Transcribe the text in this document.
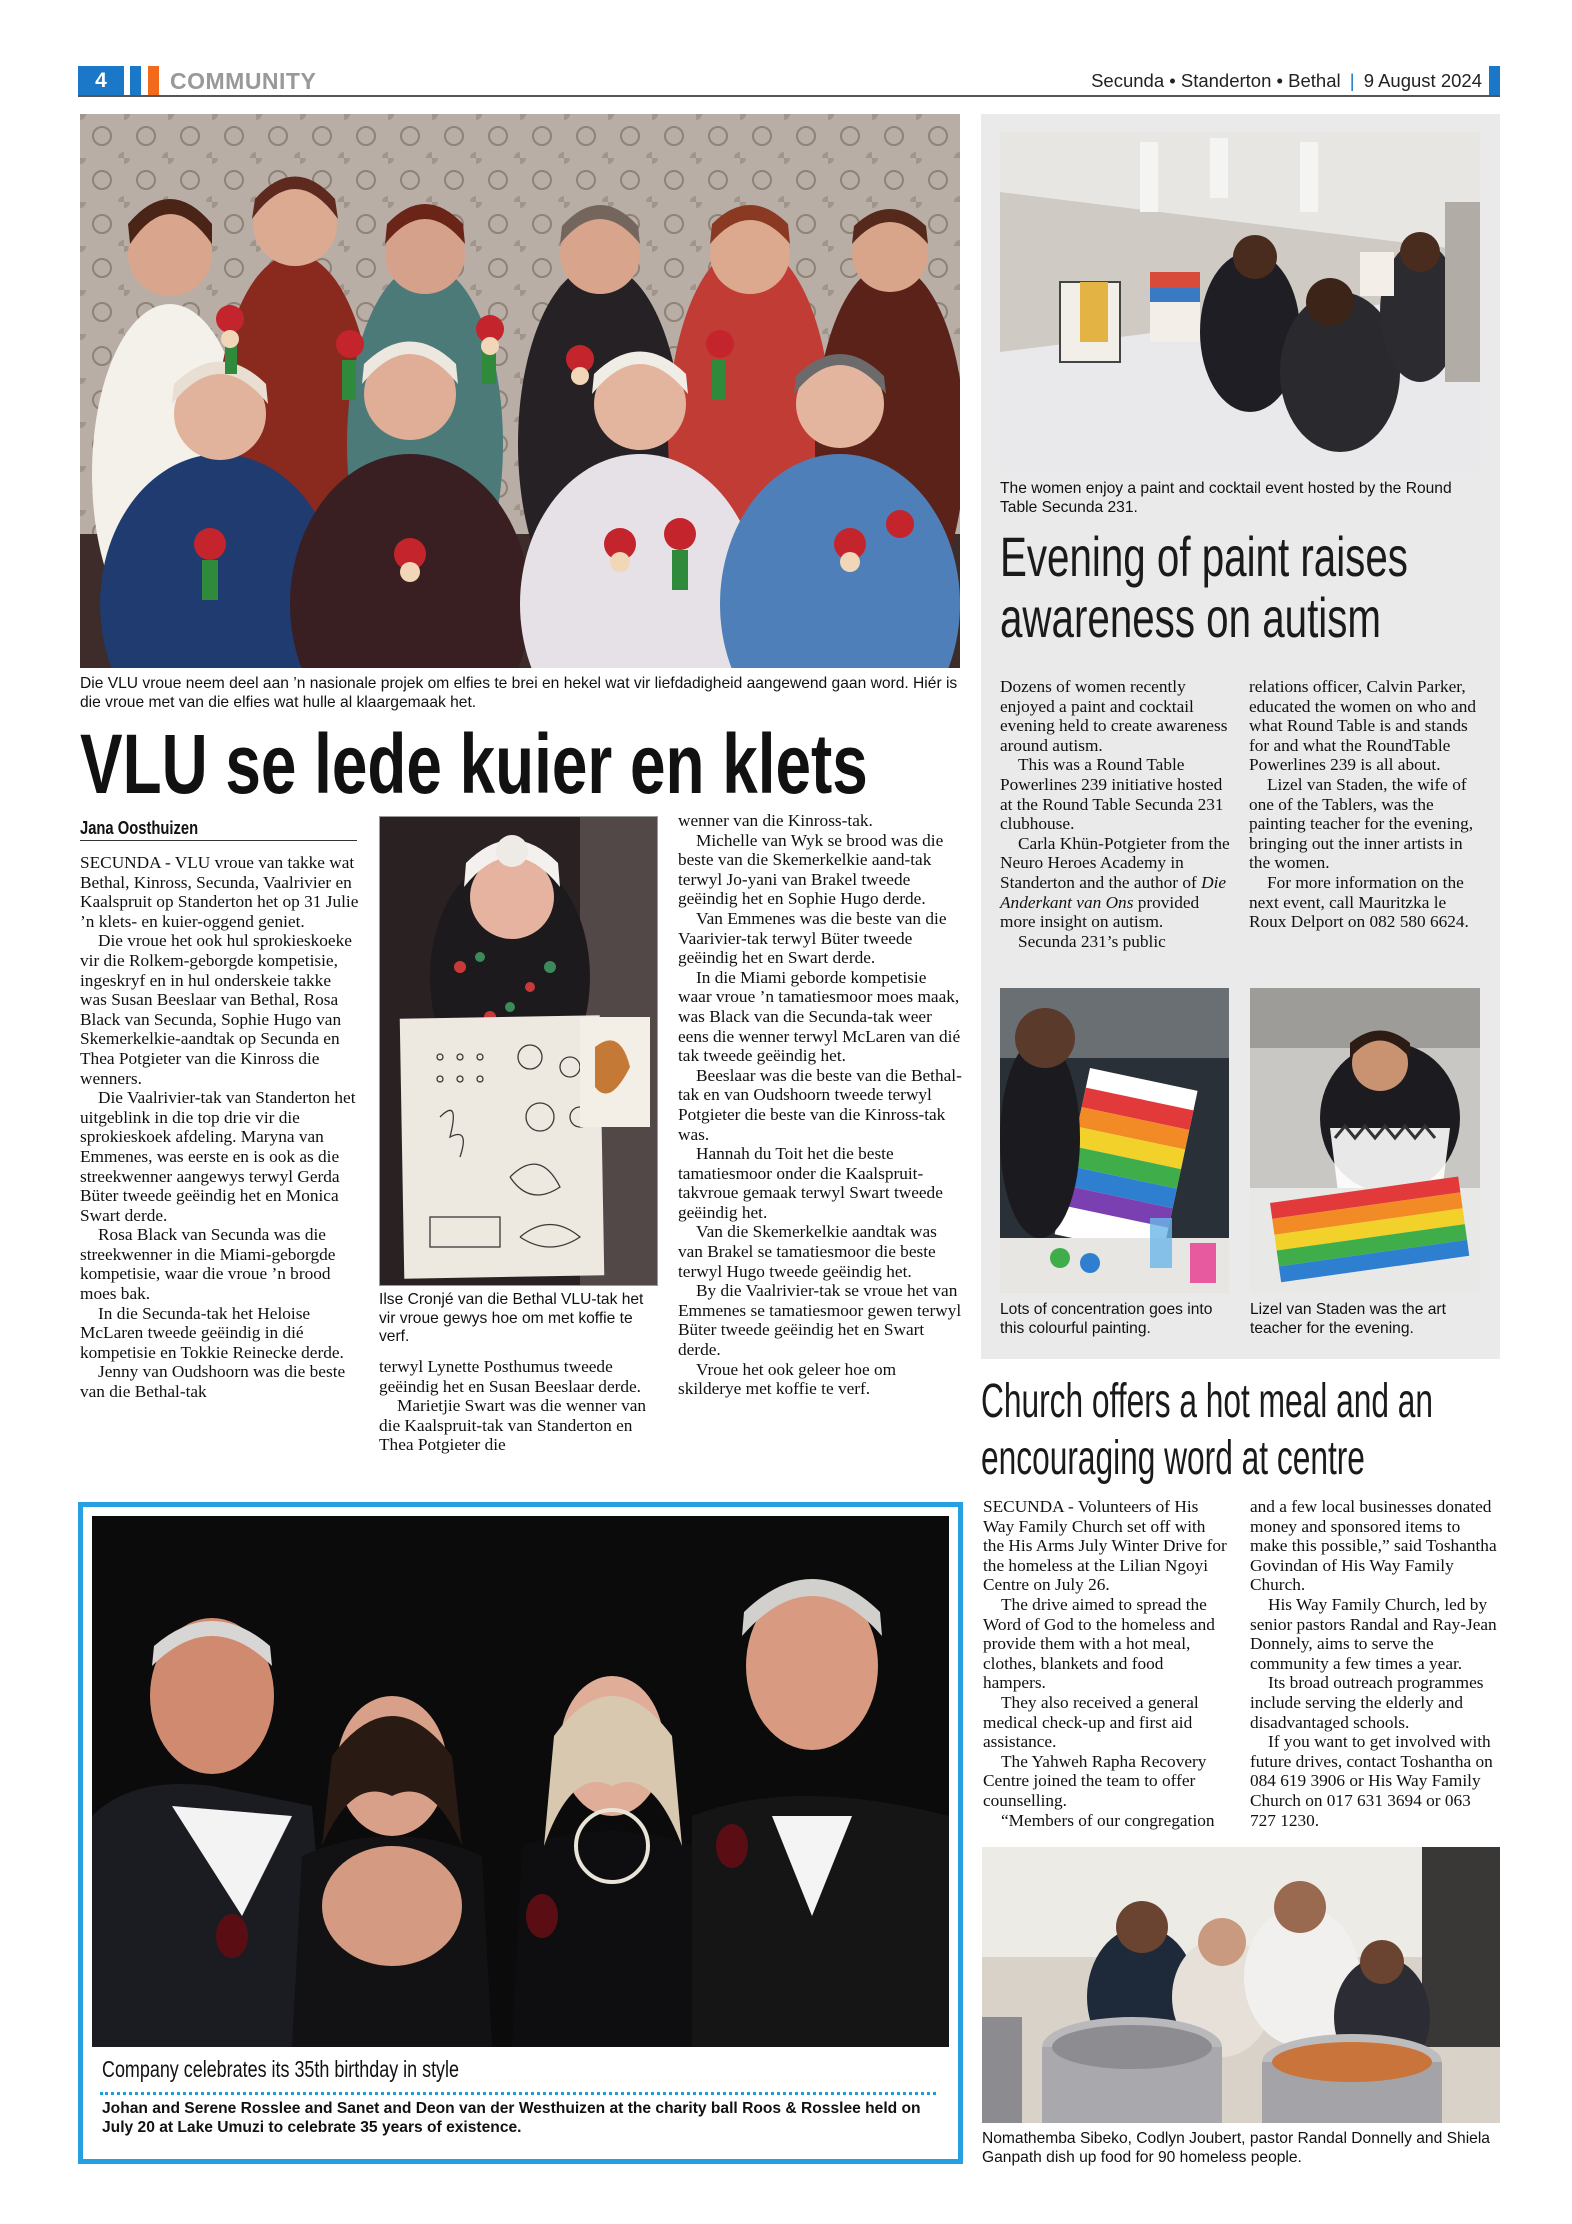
4	COMMUNITY	Secunda • Standerton • Bethal | 9 August 2024
Die VLU vroue neem deel aan ’n nasionale projek om elfies te brei en hekel wat vir liefdadigheid aangewend gaan word. Hiér is die vroue met van die elfies wat hulle al klaargemaak het.
VLU se lede kuier en klets
Jana Oosthuizen

SECUNDA - VLU vroue van takke wat Bethal, Kinross, Secunda, Vaalrivier en Kaalspruit op Standerton het op 31 Julie ’n klets- en kuier-oggend geniet.

Die vroue het ook hul sprokieskoeke vir die Rolkem-geborgde kompetisie, ingeskryf en in hul onderskeie takke was Susan Beeslaar van Bethal, Rosa Black van Secunda, Sophie Hugo van Skemerkelkie-aandtak op Secunda en Thea Potgieter van die Kinross die wenners.

Die Vaalrivier-tak van Standerton het uitgeblink in die top drie vir die sprokieskoek afdeling. Maryna van Emmenes, was eerste en is ook as die streekwenner aangewys terwyl Gerda Büter tweede geëindig het en Monica Swart derde.

Rosa Black van Secunda was die streekwenner in die Miami-geborgde kompetisie, waar die vroue ’n brood moes bak.

In die Secunda-tak het Heloise McLaren tweede geëindig in dié kompetisie en Tokkie Reinecke derde.

Jenny van Oudshoorn was die beste van die Bethal-tak

Ilse Cronjé van die Bethal VLU-tak het vir vroue gewys hoe om met koffie te verf.

terwyl Lynette Posthumus tweede geëindig het en Susan Beeslaar derde.

Marietjie Swart was die wenner van die Kaalspruit-tak van Standerton en Thea Potgieter die

wenner van die Kinross-tak.

Michelle van Wyk se brood was die beste van die Skemerkelkie aand-tak terwyl Jo-yani van Brakel tweede geëindig het en Sophie Hugo derde.

Van Emmenes was die beste van die Vaarivier-tak terwyl Büter tweede geëindig het en Swart derde.

In die Miami geborde kompetisie waar vroue ’n tamatiesmoor moes maak, was Black van die Secunda-tak weer eens die wenner terwyl McLaren van dié tak tweede geëindig het.

Beeslaar was die beste van die Bethal-tak en van Oudshoorn tweede terwyl Potgieter die beste van die Kinross-tak was.

Hannah du Toit het die beste tamatiesmoor onder die Kaalspruit-takvroue gemaak terwyl Swart tweede geëindig het.

Van die Skemerkelkie aandtak was van Brakel se tamatiesmoor die beste terwyl Hugo tweede geëindig het.

By die Vaalrivier-tak se vroue het van Emmenes se tamatiesmoor gewen terwyl Büter tweede geëindig het en Swart derde.

Vroue het ook geleer hoe om skilderye met koffie te verf.

The women enjoy a paint and cocktail event hosted by the Round Table Secunda 231.
Evening of paint raises
awareness on autism

Dozens of women recently enjoyed a paint and cocktail evening held to create awareness around autism.

This was a Round Table Powerlines 239 initiative hosted at the Round Table Secunda 231 clubhouse.

Carla Khün-Potgieter from the Neuro Heroes Academy in Standerton and the author of Die Anderkant van Ons provided more insight on autism.

Secunda 231’s public

relations officer, Calvin Parker, educated the women on who and what Round Table is and stands for and what the RoundTable Powerlines 239 is all about.

Lizel van Staden, the wife of one of the Tablers, was the painting teacher for the evening, bringing out the inner artists in the women.

For more information on the next event, call Mauritzka le Roux Delport on 082 580 6624.

Lots of concentration goes into this colourful painting.
Lizel van Staden was the art teacher for the evening.
Church offers a hot meal and an
encouraging word at centre

SECUNDA - Volunteers of His Way Family Church set off with the His Arms July Winter Drive for the homeless at the Lilian Ngoyi Centre on July 26.

The drive aimed to spread the Word of God to the homeless and provide them with a hot meal, clothes, blankets and food hampers.

They also received a general medical check-up and first aid assistance.

The Yahweh Rapha Recovery Centre joined the team to offer counselling.

“Members of our congregation

and a few local businesses donated money and sponsored items to make this possible,” said Toshantha Govindan of His Way Family Church.

His Way Family Church, led by senior pastors Randal and Ray-Jean Donnely, aims to serve the community a few times a year.

Its broad outreach programmes include serving the elderly and disadvantaged schools.

If you want to get involved with future drives, contact Toshantha on 084 619 3906 or His Way Family Church on 017 631 3694 or 063 727 1230.

Nomathemba Sibeko, Codlyn Joubert, pastor Randal Donnelly and Shiela Ganpath dish up food for 90 homeless people.
Company celebrates its 35th birthday in style
Johan and Serene Rosslee and Sanet and Deon van der Westhuizen at the charity ball Roos & Rosslee held on July 20 at Lake Umuzi to celebrate 35 years of existence.
